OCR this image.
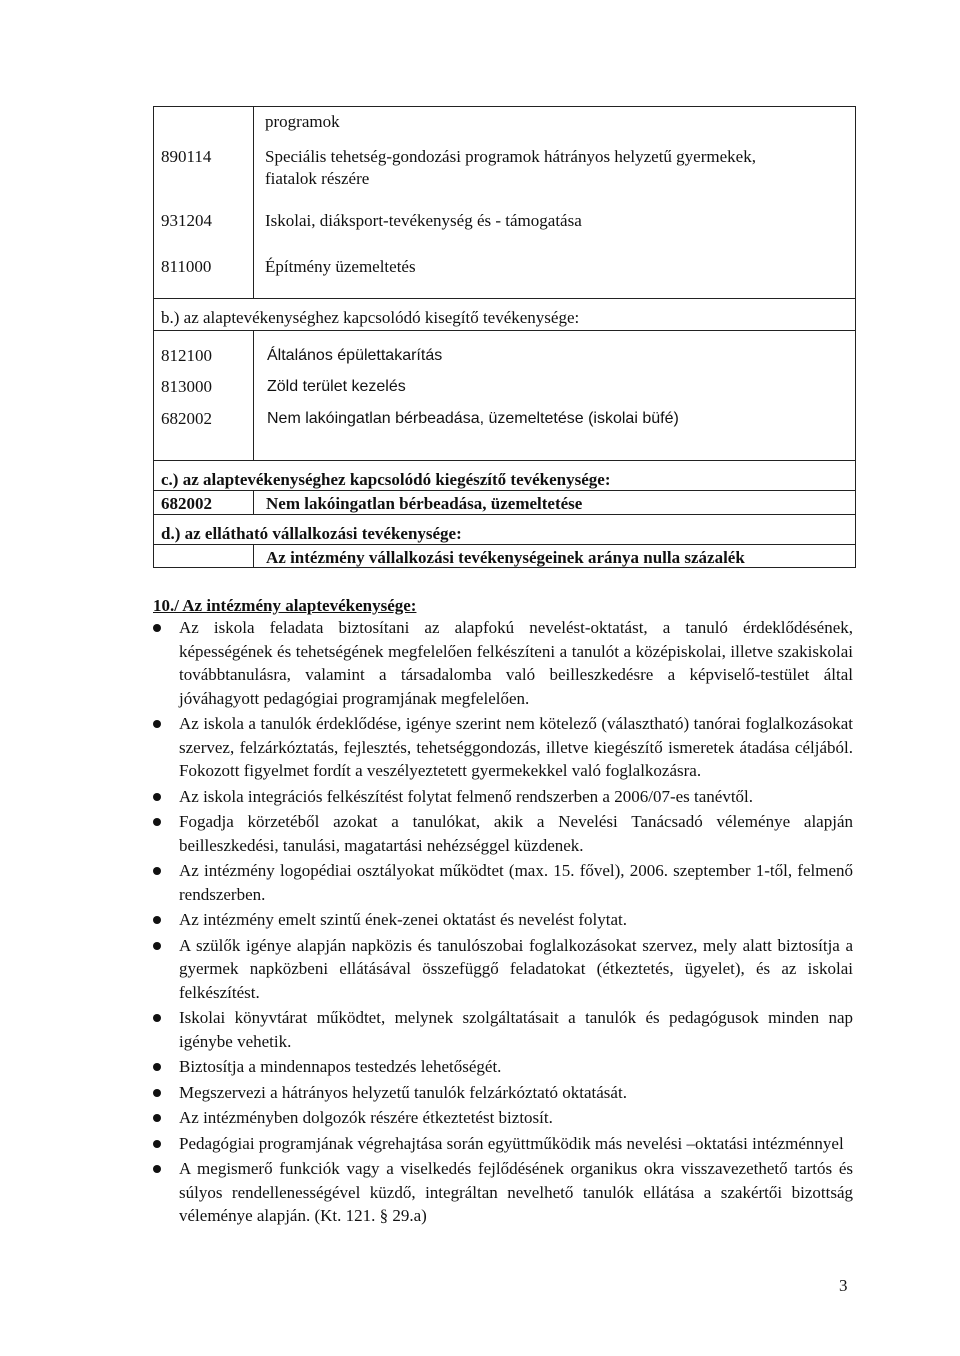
programok
890114	Speciális tehetség-gondozási programok hátrányos helyzetű gyermekek,
fiatalok részére
931204	Iskolai, diáksport-tevékenység és - támogatása
811000	Építmény üzemeltetés
b.) az alaptevékenységhez kapcsolódó kisegítő tevékenysége:
812100	Általános épülettakarítás
813000	Zöld terület kezelés
682002	Nem lakóingatlan bérbeadása, üzemeltetése (iskolai büfé)
c.) az alaptevékenységhez kapcsolódó kiegészítő tevékenysége:
682002	Nem lakóingatlan bérbeadása, üzemeltetése
d.) az ellátható vállalkozási tevékenysége:
Az intézmény vállalkozási tevékenységeinek aránya nulla százalék
10./ Az intézmény alaptevékenysége:
Az iskola feladata biztosítani az alapfokú nevelést-oktatást, a tanuló érdeklődésének, képességének és tehetségének megfelelően felkészíteni a tanulót a középiskolai, illetve szakiskolai továbbtanulásra, valamint a társadalomba való beilleszkedésre a képviselő-testület által jóváhagyott pedagógiai programjának megfelelően.
Az iskola a tanulók érdeklődése, igénye szerint nem kötelező (választható) tanórai foglalkozásokat szervez, felzárkóztatás, fejlesztés, tehetséggondozás, illetve kiegészítő ismeretek átadása céljából. Fokozott figyelmet fordít a veszélyeztetett gyermekekkel való foglalkozásra.
Az iskola integrációs felkészítést folytat felmenő rendszerben a 2006/07-es tanévtől.
Fogadja körzetéből azokat a tanulókat, akik a Nevelési Tanácsadó véleménye alapján beilleszkedési, tanulási, magatartási nehézséggel küzdenek.
Az intézmény logopédiai osztályokat működtet (max. 15. fővel), 2006. szeptember 1-től, felmenő rendszerben.
Az intézmény emelt szintű ének-zenei oktatást és nevelést folytat.
A szülők igénye alapján napközis és tanulószobai foglalkozásokat szervez, mely alatt biztosítja a gyermek napközbeni ellátásával összefüggő feladatokat (étkeztetés, ügyelet), és az iskolai felkészítést.
Iskolai könyvtárat működtet, melynek szolgáltatásait a tanulók és pedagógusok minden nap igénybe vehetik.
Biztosítja a mindennapos testedzés lehetőségét.
Megszervezi a hátrányos helyzetű tanulók felzárkóztató oktatását.
Az intézményben dolgozók részére étkeztetést biztosít.
Pedagógiai programjának végrehajtása során együttműködik más nevelési –oktatási intézménnyel
A megismerő funkciók vagy a viselkedés fejlődésének organikus okra visszavezethető tartós és súlyos rendellenességével küzdő, integráltan nevelhető tanulók ellátása a szakértői bizottság véleménye alapján. (Kt. 121. § 29.a)
3
